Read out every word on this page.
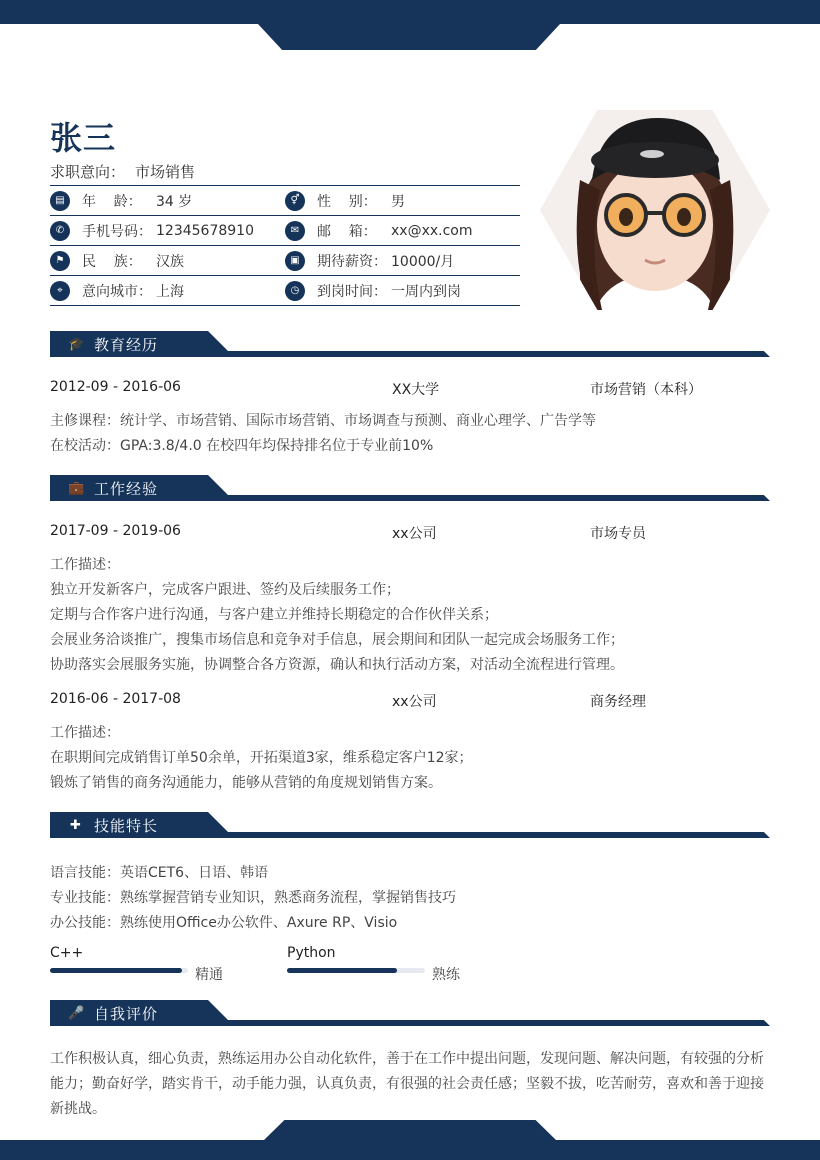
张三
求职意向： 市场销售
▤	年    龄：	34 岁	⚥	性    别：	男
✆	手机号码： 12345678910	✉	邮    箱：	xx@xx.com
⚑	民    族：	汉族	▣	期待薪资： 10000/月
⌖	意向城市： 上海	◷	到岗时间： 一周内到岗
🎓 教育经历
2012-09 - 2016-06	XX大学	市场营销（本科）
主修课程：统计学、市场营销、国际市场营销、市场调查与预测、商业心理学、广告学等
在校活动：GPA:3.8/4.0 在校四年均保持排名位于专业前10%
💼 工作经验
2017-09 - 2019-06	xx公司	市场专员
工作描述：
独立开发新客户，完成客户跟进、签约及后续服务工作；
定期与合作客户进行沟通，与客户建立并维持长期稳定的合作伙伴关系；
会展业务洽谈推广，搜集市场信息和竞争对手信息，展会期间和团队一起完成会场服务工作；
协助落实会展服务实施，协调整合各方资源，确认和执行活动方案，对活动全流程进行管理。
2016-06 - 2017-08	xx公司	商务经理
工作描述：
在职期间完成销售订单50余单，开拓渠道3家，维系稳定客户12家；
锻炼了销售的商务沟通能力，能够从营销的角度规划销售方案。
✚ 技能特长
语言技能：英语CET6、日语、韩语
专业技能：熟练掌握营销专业知识，熟悉商务流程，掌握销售技巧
办公技能：熟练使用Office办公软件、Axure RP、Visio
C++
精通
Python
熟练
🎤 自我评价
工作积极认真，细心负责，熟练运用办公自动化软件，善于在工作中提出问题，发现问题、解决问题，有较强的分析能力；勤奋好学，踏实肯干，动手能力强，认真负责，有很强的社会责任感；坚毅不拔，吃苦耐劳，喜欢和善于迎接新挑战。
